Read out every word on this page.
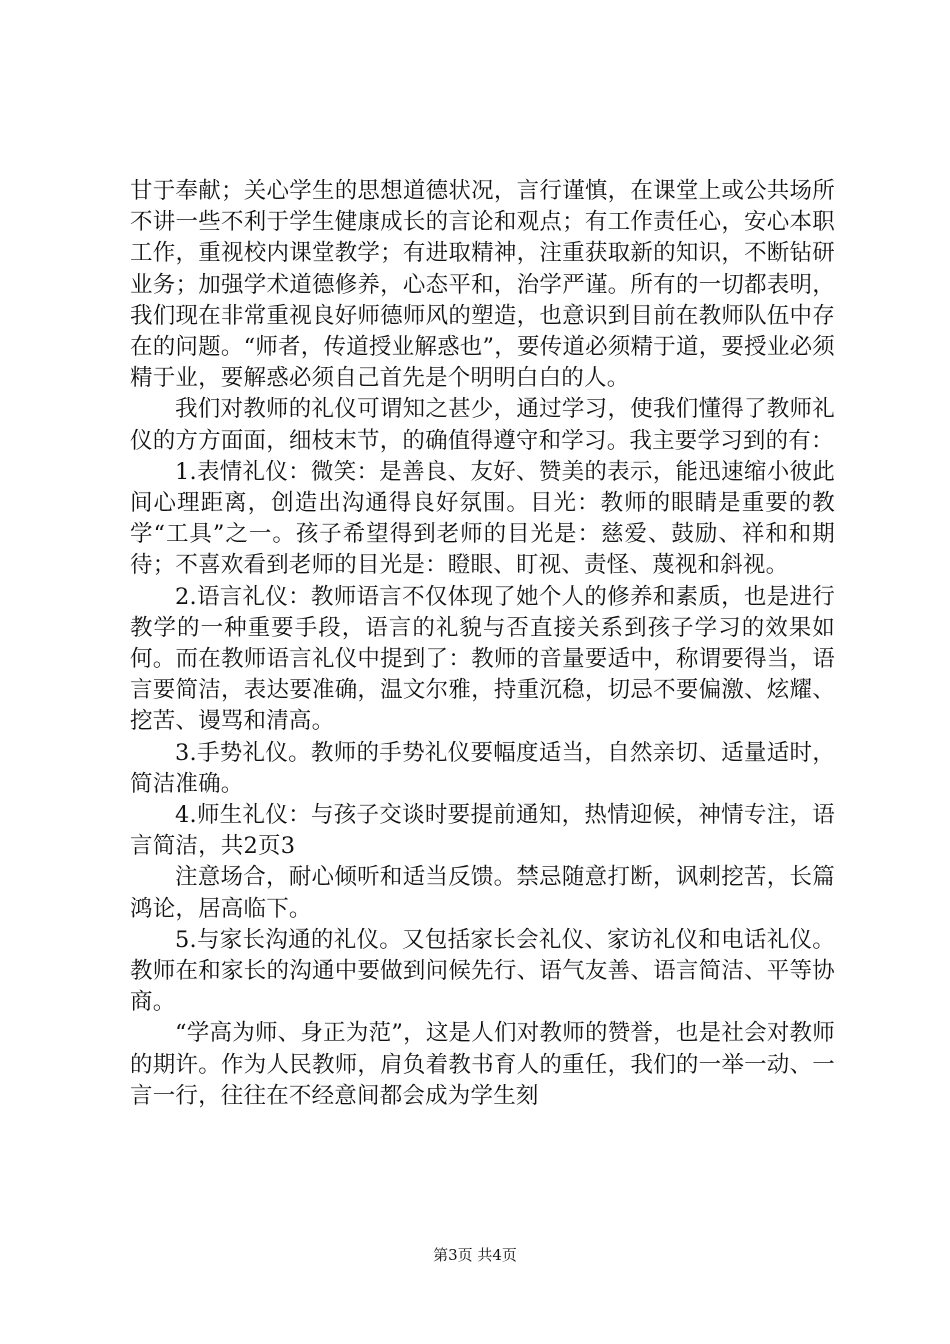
甘于奉献；关心学生的思想道德状况，言行谨慎，在课堂上或公共场所不讲一些不利于学生健康成长的言论和观点；有工作责任心，安心本职工作，重视校内课堂教学；有进取精神，注重获取新的知识，不断钻研业务；加强学术道德修养，心态平和，治学严谨。所有的一切都表明，我们现在非常重视良好师德师风的塑造，也意识到目前在教师队伍中存在的问题。“师者，传道授业解惑也”，要传道必须精于道，要授业必须精于业，要解惑必须自己首先是个明明白白的人。

我们对教师的礼仪可谓知之甚少，通过学习，使我们懂得了教师礼仪的方方面面，细枝末节，的确值得遵守和学习。我主要学习到的有：

1.表情礼仪：微笑：是善良、友好、赞美的表示，能迅速缩小彼此间心理距离，创造出沟通得良好氛围。目光：教师的眼睛是重要的教学“工具”之一。孩子希望得到老师的目光是：慈爱、鼓励、祥和和期待；不喜欢看到老师的目光是：瞪眼、盯视、责怪、蔑视和斜视。

2.语言礼仪：教师语言不仅体现了她个人的修养和素质，也是进行教学的一种重要手段，语言的礼貌与否直接关系到孩子学习的效果如何。而在教师语言礼仪中提到了：教师的音量要适中，称谓要得当，语言要简洁，表达要准确，温文尔雅，持重沉稳，切忌不要偏激、炫耀、挖苦、谩骂和清高。

3.手势礼仪。教师的手势礼仪要幅度适当，自然亲切、适量适时，简洁准确。

4.师生礼仪：与孩子交谈时要提前通知，热情迎候，神情专注，语言简洁，共2页3

注意场合，耐心倾听和适当反馈。禁忌随意打断，讽刺挖苦，长篇鸿论，居高临下。

5.与家长沟通的礼仪。又包括家长会礼仪、家访礼仪和电话礼仪。教师在和家长的沟通中要做到问候先行、语气友善、语言简洁、平等协商。

“学高为师、身正为范”，这是人们对教师的赞誉，也是社会对教师的期许。作为人民教师，肩负着教书育人的重任，我们的一举一动、一言一行，往往在不经意间都会成为学生刻

第3页 共4页
